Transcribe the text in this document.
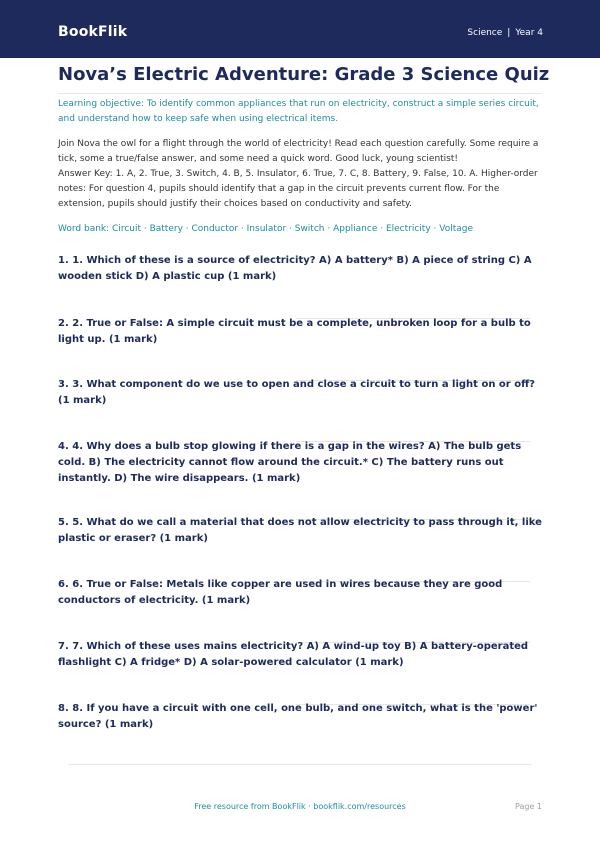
BookFlik	Science | Year 4
Nova’s Electric Adventure: Grade 3 Science Quiz

Learning objective: To identify common appliances that run on electricity, construct a simple series circuit, and understand how to keep safe when using electrical items.

Join Nova the owl for a flight through the world of electricity! Read each question carefully. Some require a tick, some a true/false answer, and some need a quick word. Good luck, young scientist!

Answer Key: 1. A, 2. True, 3. Switch, 4. B, 5. Insulator, 6. True, 7. C, 8. Battery, 9. False, 10. A. Higher-order notes: For question 4, pupils should identify that a gap in the circuit prevents current flow. For the extension, pupils should justify their choices based on conductivity and safety.

Word bank: Circuit · Battery · Conductor · Insulator · Switch · Appliance · Electricity · Voltage

1. 1. Which of these is a source of electricity? A) A battery* B) A piece of string C) A wooden stick D) A plastic cup (1 mark)

2. 2. True or False: A simple circuit must be a complete, unbroken loop for a bulb to light up. (1 mark)

3. 3. What component do we use to open and close a circuit to turn a light on or off? (1 mark)

4. 4. Why does a bulb stop glowing if there is a gap in the wires? A) The bulb gets cold. B) The electricity cannot flow around the circuit.* C) The battery runs out instantly. D) The wire disappears. (1 mark)

5. 5. What do we call a material that does not allow electricity to pass through it, like plastic or eraser? (1 mark)

6. 6. True or False: Metals like copper are used in wires because they are good conductors of electricity. (1 mark)

7. 7. Which of these uses mains electricity? A) A wind-up toy B) A battery-operated flashlight C) A fridge* D) A solar-powered calculator (1 mark)

8. 8. If you have a circuit with one cell, one bulb, and one switch, what is the 'power' source? (1 mark)

Free resource from BookFlik · bookflik.com/resources	Page 1
